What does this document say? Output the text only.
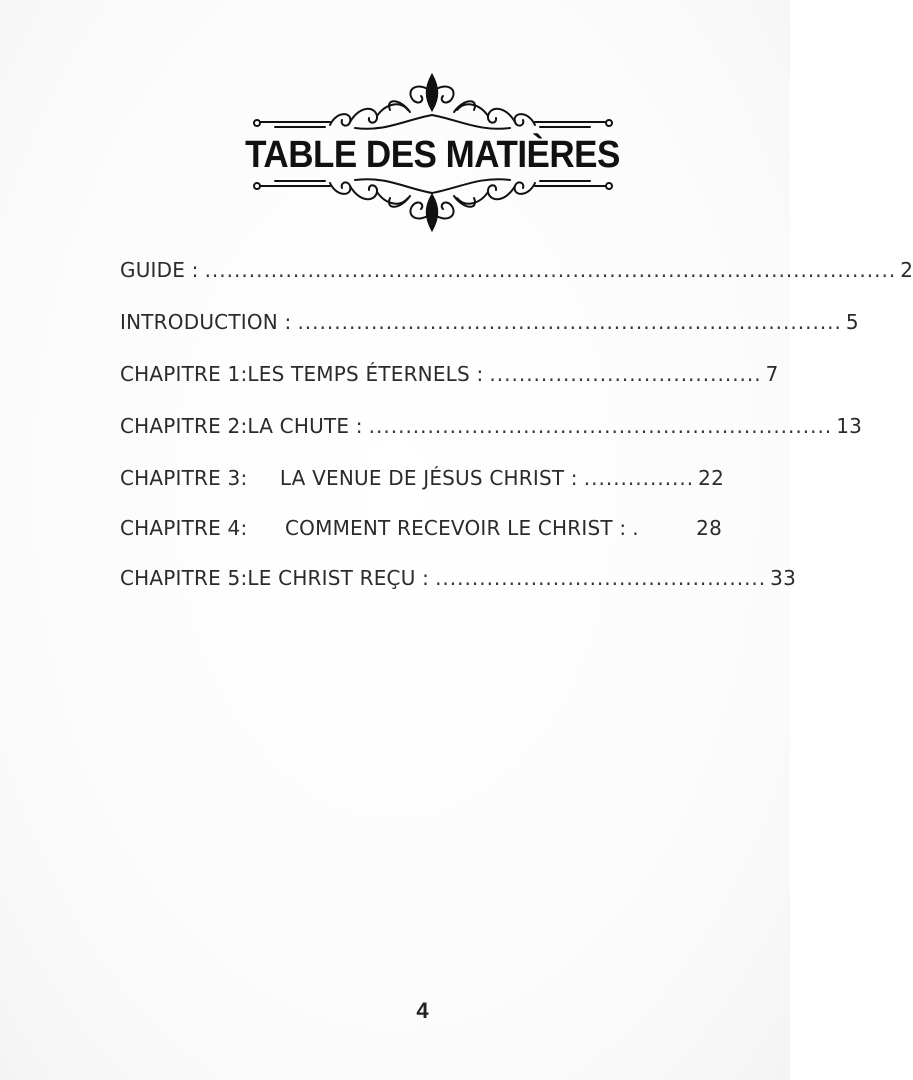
TABLE DES MATIÈRES
GUIDE : .............................................................................................. 2
INTRODUCTION : .......................................................................... 5
CHAPITRE 1: LES TEMPS ÉTERNELS : ..................................... 7
CHAPITRE 2: LA CHUTE : ............................................................... 13
CHAPITRE 3:	LA VENUE DE JÉSUS CHRIST : ............... 22
CHAPITRE 4:	COMMENT RECEVOIR LE CHRIST : .	28
CHAPITRE 5: LE CHRIST REÇU : ............................................. 33
4
